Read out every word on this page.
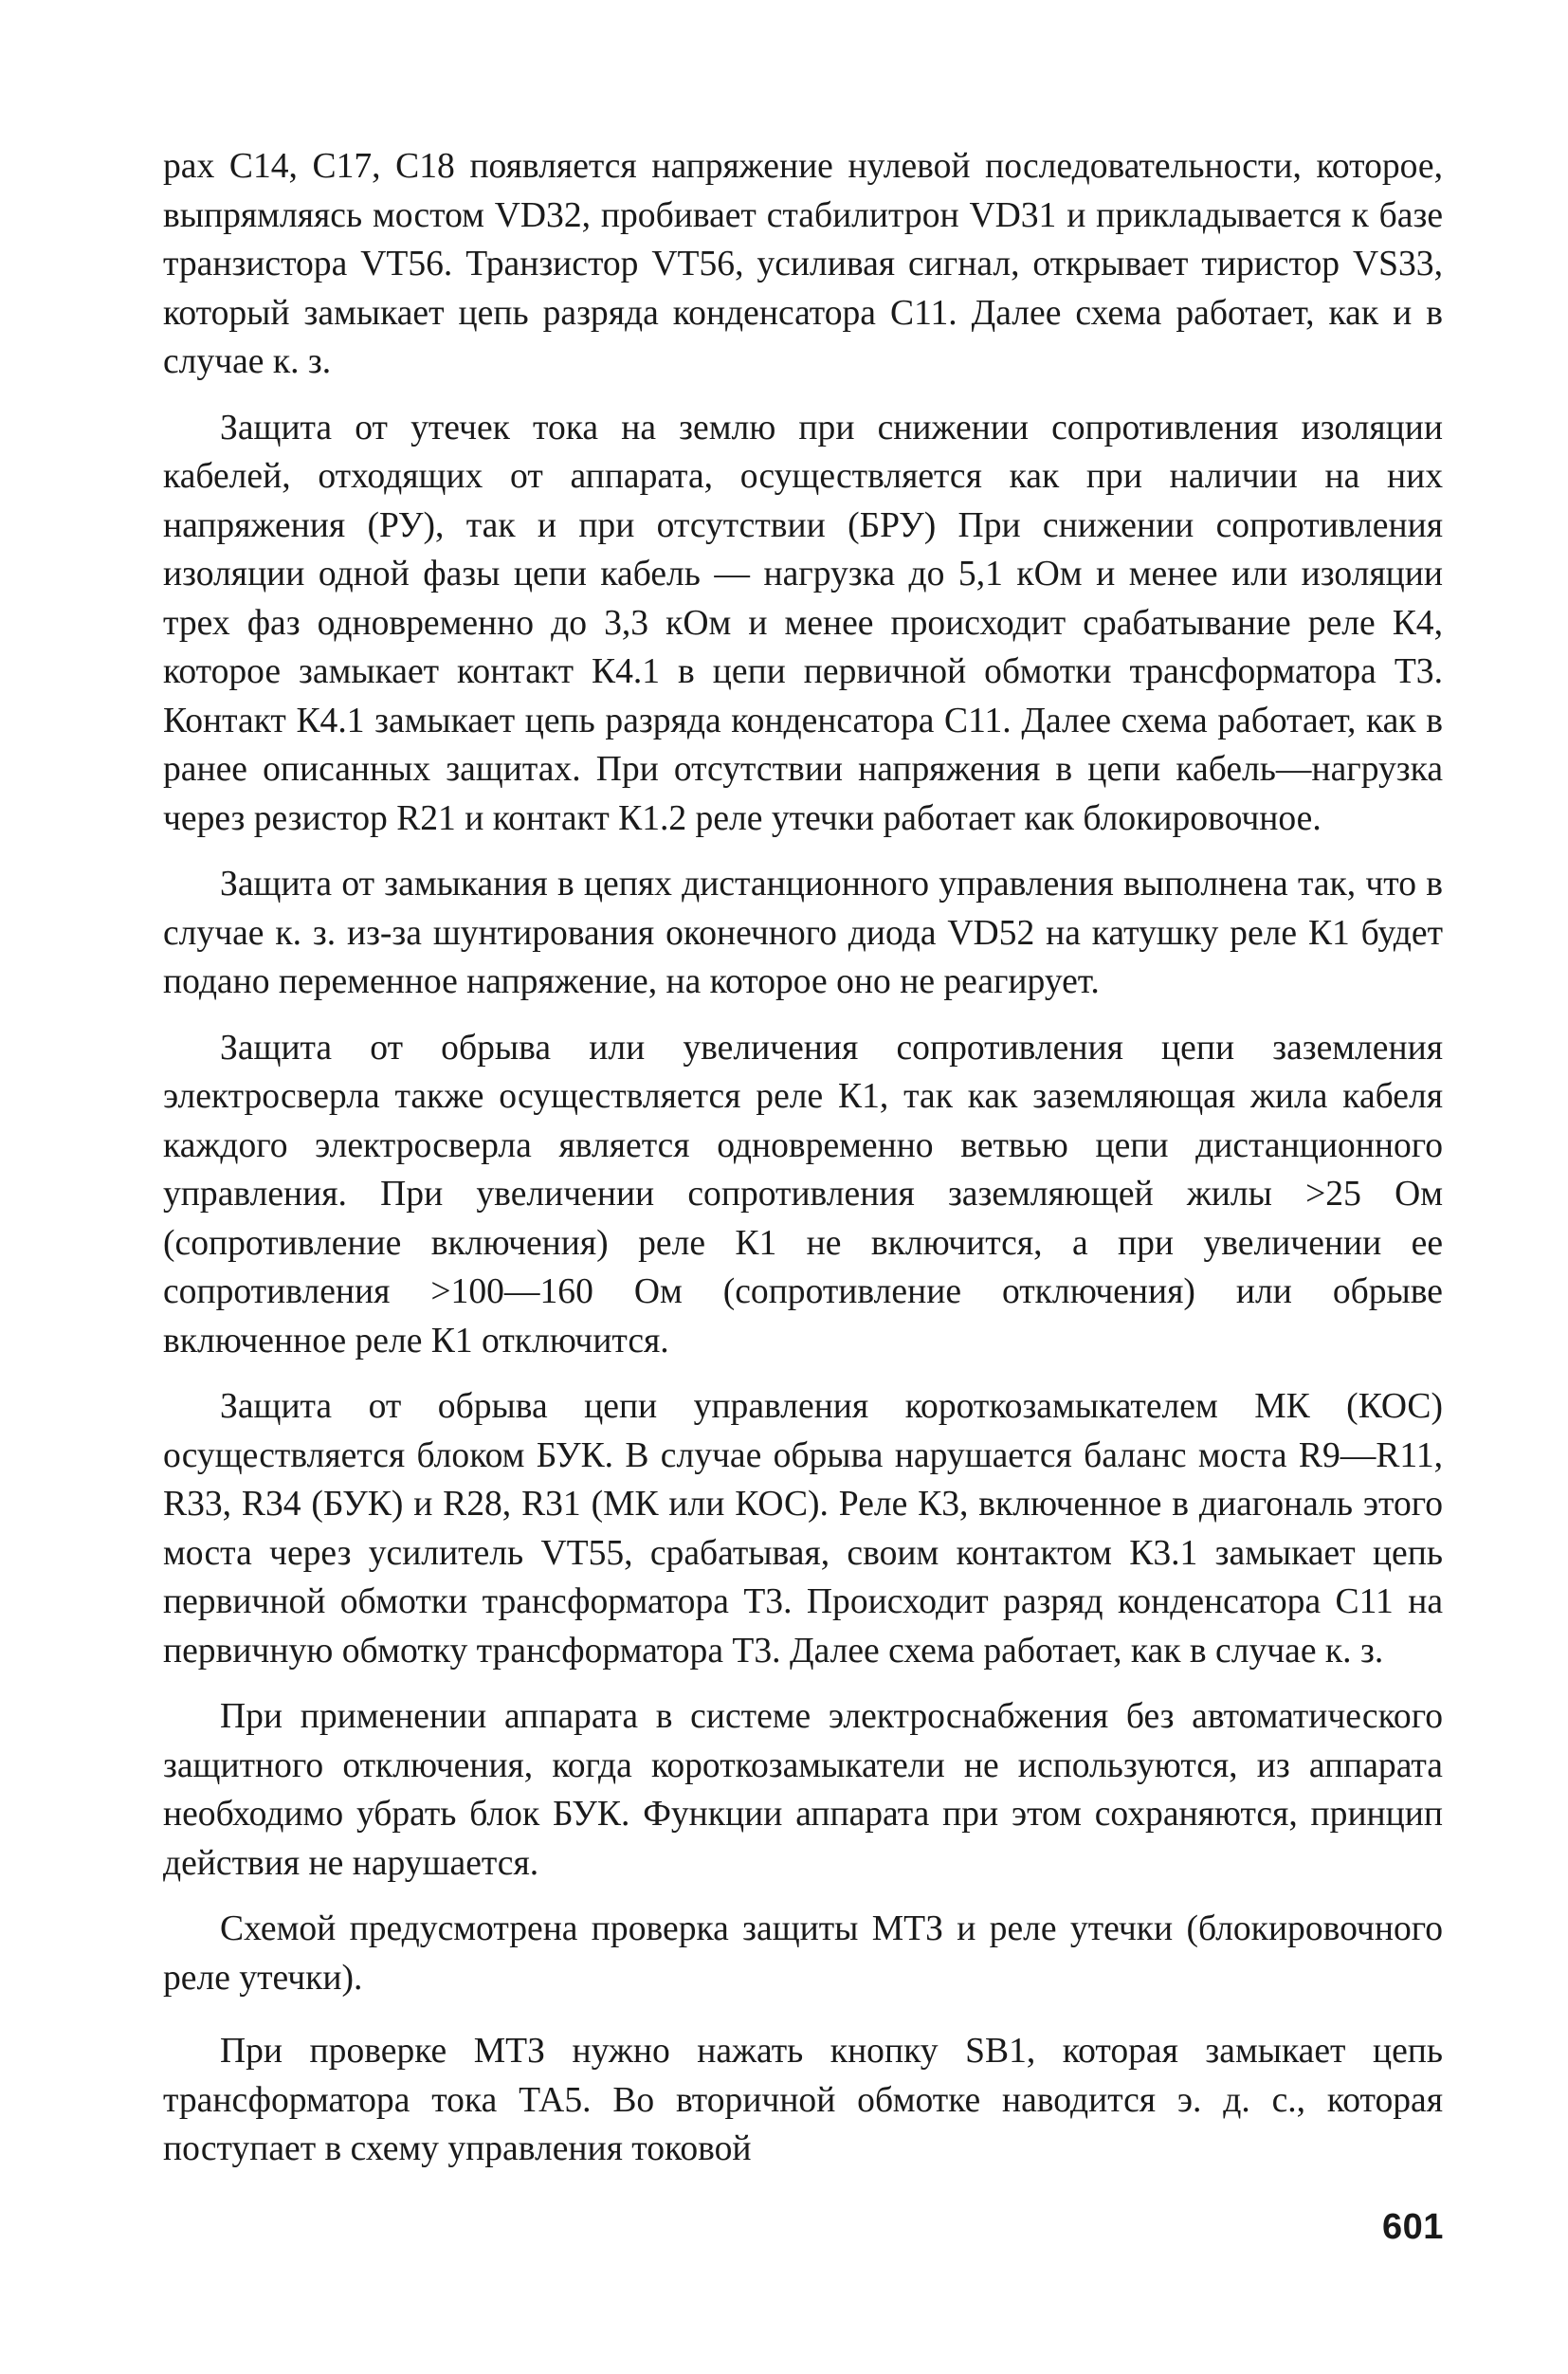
рах C14, C17, C18 появляется напряжение нулевой последовательности, которое, выпрямляясь мостом VD32, пробивает стабилитрон VD31 и прикладывается к базе транзистора VT56. Транзистор VT56, усиливая сигнал, открывает тиристор VS33, который замыкает цепь разряда конденсатора C11. Далее схема работает, как и в случае к. з.

Защита от утечек тока на землю при снижении сопротивления изоляции кабелей, отходящих от аппарата, осуществляется как при наличии на них напряжения (РУ), так и при отсутствии (БРУ) При снижении сопротивления изоляции одной фазы цепи кабель — нагрузка до 5,1 кОм и менее или изоляции трех фаз одновременно до 3,3 кОм и менее происходит срабатывание реле К4, которое замыкает контакт К4.1 в цепи первичной обмотки трансформатора Т3. Контакт К4.1 замыкает цепь разряда конденсатора C11. Далее схема работает, как в ранее описанных защитах. При отсутствии напряжения в цепи кабель—нагрузка через резистор R21 и контакт К1.2 реле утечки работает как блокировочное.

Защита от замыкания в цепях дистанционного управления выполнена так, что в случае к. з. из-за шунтирования оконечного диода VD52 на катушку реле К1 будет подано переменное напряжение, на которое оно не реагирует.

Защита от обрыва или увеличения сопротивления цепи заземления электросверла также осуществляется реле К1, так как заземляющая жила кабеля каждого электросверла является одновременно ветвью цепи дистанционного управления. При увеличении сопротивления заземляющей жилы >25 Ом (сопротивление включения) реле К1 не включится, а при увеличении ее сопротивления >100—160 Ом (сопротивление отключения) или обрыве включенное реле К1 отключится.

Защита от обрыва цепи управления короткозамыкателем МК (КОС) осуществляется блоком БУК. В случае обрыва нарушается баланс моста R9—R11, R33, R34 (БУК) и R28, R31 (МК или КОС). Реле К3, включенное в диагональ этого моста через усилитель VT55, срабатывая, своим контактом К3.1 замыкает цепь первичной обмотки трансформатора Т3. Происходит разряд конденсатора C11 на первичную обмотку трансформатора Т3. Далее схема работает, как в случае к. з.

При применении аппарата в системе электроснабжения без автоматического защитного отключения, когда короткозамыкатели не используются, из аппарата необходимо убрать блок БУК. Функции аппарата при этом сохраняются, принцип действия не нарушается.

Схемой предусмотрена проверка защиты МТЗ и реле утечки (блокировочного реле утечки).

При проверке МТЗ нужно нажать кнопку SB1, которая замыкает цепь трансформатора тока ТА5. Во вторичной обмотке наводится э. д. с., которая поступает в схему управления токовой

601
